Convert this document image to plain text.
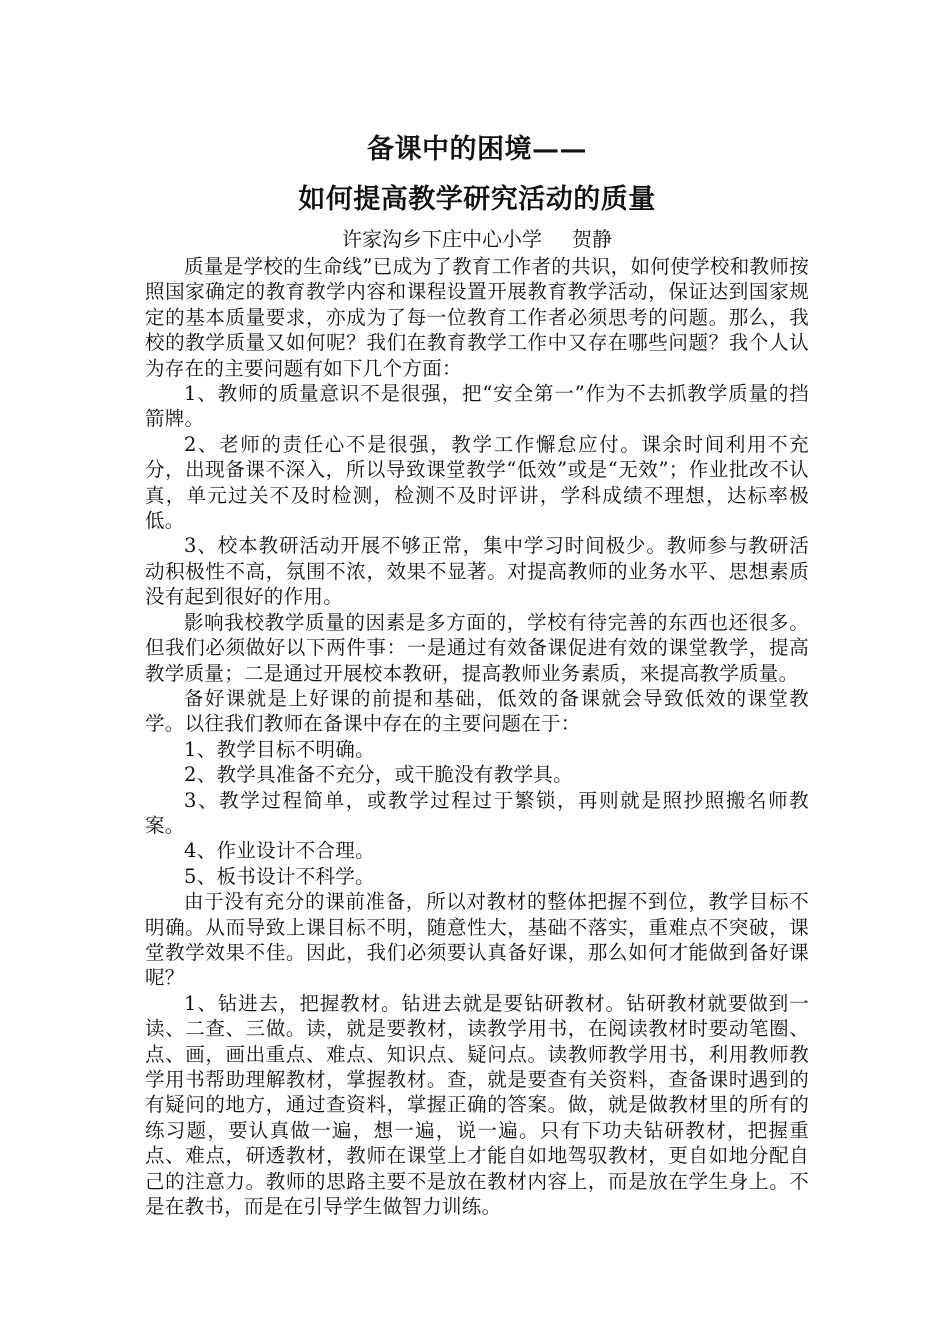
备课中的困境——
如何提高教学研究活动的质量

许家沟乡下庄中心小学 贺静

质量是学校的生命线”已成为了教育工作者的共识，如何使学校和教师按照国家确定的教育教学内容和课程设置开展教育教学活动，保证达到国家规定的基本质量要求，亦成为了每一位教育工作者必须思考的问题。那么，我校的教学质量又如何呢？我们在教育教学工作中又存在哪些问题？我个人认为存在的主要问题有如下几个方面：

1、教师的质量意识不是很强，把“安全第一”作为不去抓教学质量的挡箭牌。

2、老师的责任心不是很强，教学工作懈怠应付。课余时间利用不充分，出现备课不深入，所以导致课堂教学“低效”或是“无效”；作业批改不认真，单元过关不及时检测，检测不及时评讲，学科成绩不理想，达标率极低。

3、校本教研活动开展不够正常，集中学习时间极少。教师参与教研活动积极性不高，氛围不浓，效果不显著。对提高教师的业务水平、思想素质没有起到很好的作用。

影响我校教学质量的因素是多方面的，学校有待完善的东西也还很多。但我们必须做好以下两件事：一是通过有效备课促进有效的课堂教学，提高教学质量；二是通过开展校本教研，提高教师业务素质，来提高教学质量。

备好课就是上好课的前提和基础，低效的备课就会导致低效的课堂教学。以往我们教师在备课中存在的主要问题在于：

1、教学目标不明确。

2、教学具准备不充分，或干脆没有教学具。

3、教学过程简单，或教学过程过于繁锁，再则就是照抄照搬名师教案。

4、作业设计不合理。

5、板书设计不科学。

由于没有充分的课前准备，所以对教材的整体把握不到位，教学目标不明确。从而导致上课目标不明，随意性大，基础不落实，重难点不突破，课堂教学效果不佳。因此，我们必须要认真备好课，那么如何才能做到备好课呢？

1、钻进去，把握教材。钻进去就是要钻研教材。钻研教材就要做到一读、二查、三做。读，就是要教材，读教学用书，在阅读教材时要动笔圈、点、画，画出重点、难点、知识点、疑问点。读教师教学用书，利用教师教学用书帮助理解教材，掌握教材。查，就是要查有关资料，查备课时遇到的有疑问的地方，通过查资料，掌握正确的答案。做，就是做教材里的所有的练习题，要认真做一遍，想一遍，说一遍。只有下功夫钻研教材，把握重点、难点，研透教材，教师在课堂上才能自如地驾驭教材，更自如地分配自己的注意力。教师的思路主要不是放在教材内容上，而是放在学生身上。不是在教书，而是在引导学生做智力训练。
